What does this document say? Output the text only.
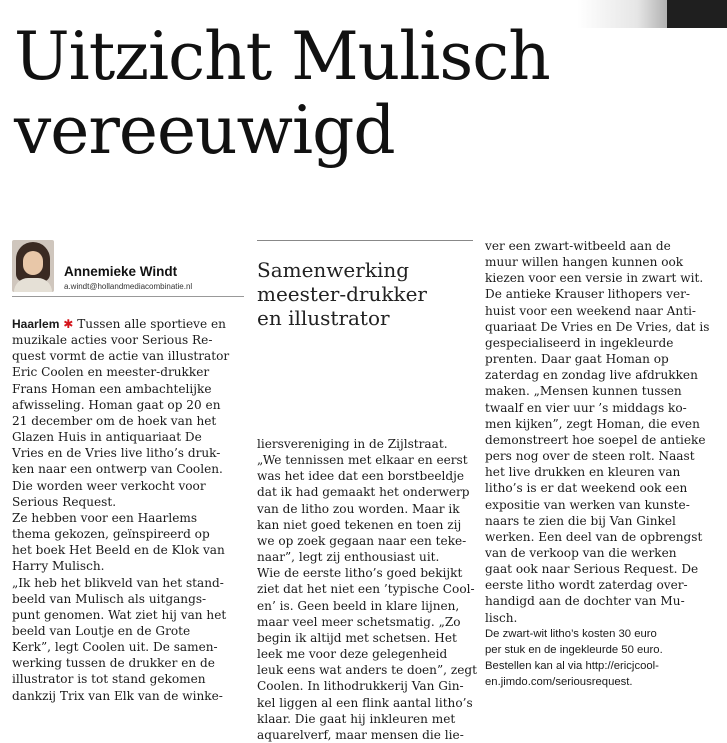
Uitzicht Mulisch
vereeuwigd
Annemieke Windt
a.windt@hollandmediacombinatie.nl
Haarlem ✱ Tussen alle sportieve en
muzikale acties voor Serious Re-
quest vormt de actie van illustrator
Eric Coolen en meester-drukker
Frans Homan een ambachtelijke
afwisseling. Homan gaat op 20 en
21 december om de hoek van het
Glazen Huis in antiquariaat De
Vries en de Vries live litho’s druk-
ken naar een ontwerp van Coolen.
Die worden weer verkocht voor
Serious Request.
Ze hebben voor een Haarlems
thema gekozen, geïnspireerd op
het boek Het Beeld en de Klok van
Harry Mulisch.
„Ik heb het blikveld van het stand-
beeld van Mulisch als uitgangs-
punt genomen. Wat ziet hij van het
beeld van Loutje en de Grote
Kerk”, legt Coolen uit. De samen-
werking tussen de drukker en de
illustrator is tot stand gekomen
dankzij Trix van Elk van de winke-
Samenwerking
meester-drukker
en illustrator
liersvereniging in de Zijlstraat.
„We tennissen met elkaar en eerst
was het idee dat een borstbeeldje
dat ik had gemaakt het onderwerp
van de litho zou worden. Maar ik
kan niet goed tekenen en toen zij
we op zoek gegaan naar een teke-
naar”, legt zij enthousiast uit.
Wie de eerste litho’s goed bekijkt
ziet dat het niet een ’typische Cool-
en’ is. Geen beeld in klare lijnen,
maar veel meer schetsmatig. „Zo
begin ik altijd met schetsen. Het
leek me voor deze gelegenheid
leuk eens wat anders te doen”, zegt
Coolen. In lithodrukkerij Van Gin-
kel liggen al een flink aantal litho’s
klaar. Die gaat hij inkleuren met
aquarelverf, maar mensen die lie-
ver een zwart-witbeeld aan de
muur willen hangen kunnen ook
kiezen voor een versie in zwart wit.
De antieke Krauser lithopers ver-
huist voor een weekend naar Anti-
quariaat De Vries en De Vries, dat is
gespecialiseerd in ingekleurde
prenten. Daar gaat Homan op
zaterdag en zondag live afdrukken
maken. „Mensen kunnen tussen
twaalf en vier uur ’s middags ko-
men kijken”, zegt Homan, die even
demonstreert hoe soepel de antieke
pers nog over de steen rolt. Naast
het live drukken en kleuren van
litho’s is er dat weekend ook een
expositie van werken van kunste-
naars te zien die bij Van Ginkel
werken. Een deel van de opbrengst
van de verkoop van die werken
gaat ook naar Serious Request. De
eerste litho wordt zaterdag over-
handigd aan de dochter van Mu-
lisch.
De zwart-wit litho’s kosten 30 euro
per stuk en de ingekleurde 50 euro.
Bestellen kan al via http://ericjcool-
en.jimdo.com/seriousrequest.
